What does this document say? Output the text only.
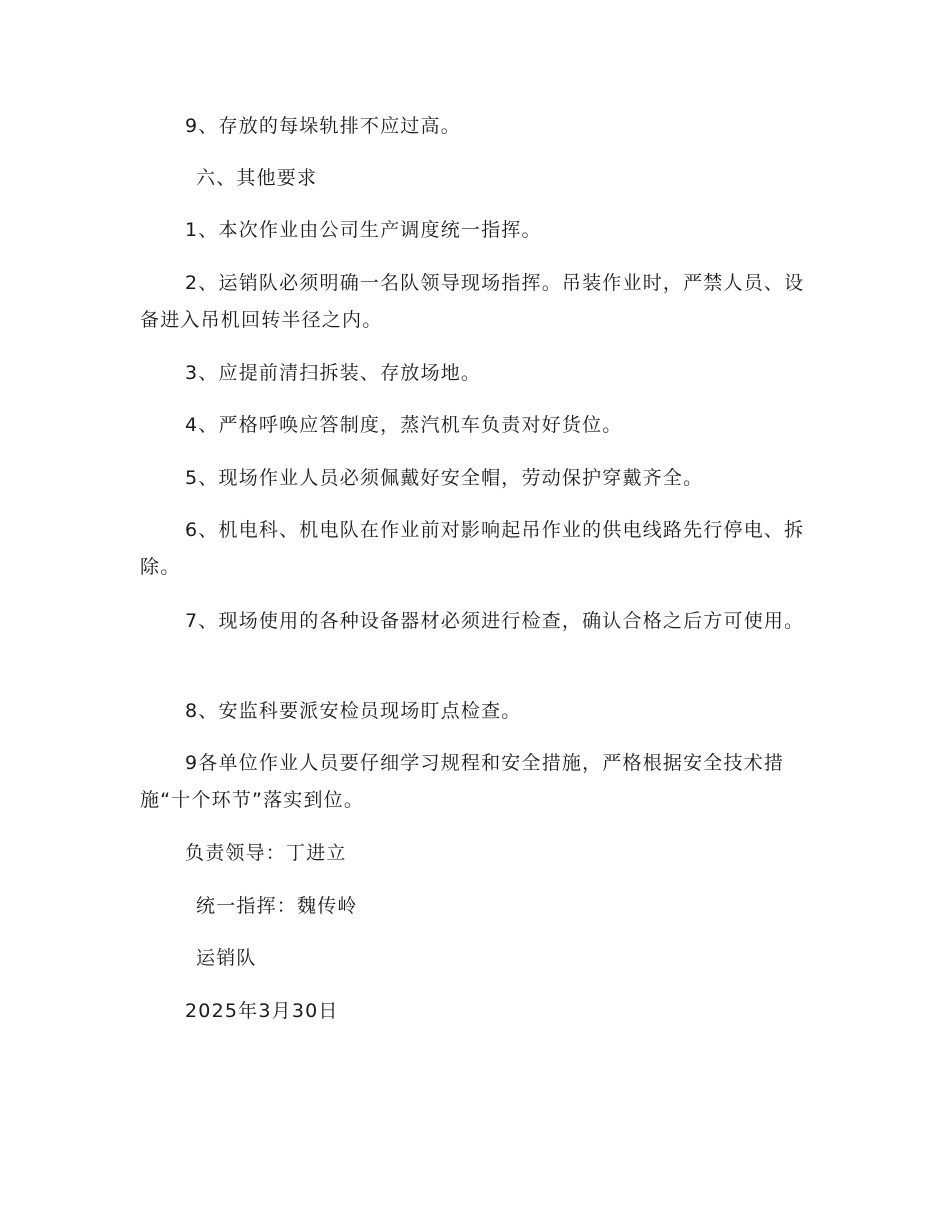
9、存放的每垛轨排不应过高。

六、其他要求

1、本次作业由公司生产调度统一指挥。

2、运销队必须明确一名队领导现场指挥。吊装作业时，严禁人员、设备进入吊机回转半径之内。

3、应提前清扫拆装、存放场地。

4、严格呼唤应答制度，蒸汽机车负责对好货位。

5、现场作业人员必须佩戴好安全帽，劳动保护穿戴齐全。

6、机电科、机电队在作业前对影响起吊作业的供电线路先行停电、拆除。

7、现场使用的各种设备器材必须进行检查，确认合格之后方可使用。

8、安监科要派安检员现场盯点检查。

9各单位作业人员要仔细学习规程和安全措施，严格根据安全技术措施“十个环节”落实到位。

负责领导：丁进立

统一指挥：魏传岭

运销队

2025年3月30日
